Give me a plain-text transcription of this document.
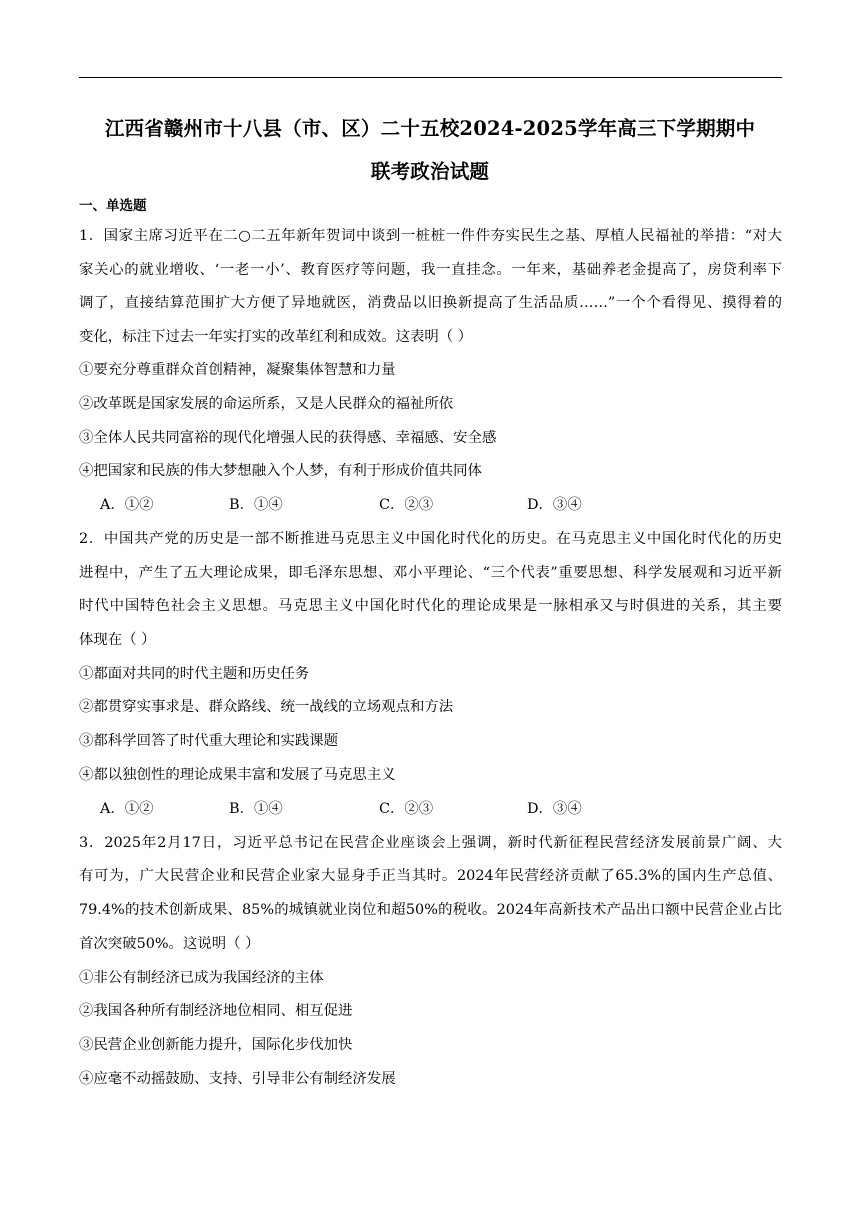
江西省赣州市十八县（市、区）二十五校2024-2025学年高三下学期期中
联考政治试题
一、单选题
1．国家主席习近平在二○二五年新年贺词中谈到一桩桩一件件夯实民生之基、厚植人民福祉的举措：“对大
家关心的就业增收、‘一老一小’、教育医疗等问题，我一直挂念。一年来，基础养老金提高了，房贷利率下
调了，直接结算范围扩大方便了异地就医，消费品以旧换新提高了生活品质……”一个个看得见、摸得着的
变化，标注下过去一年实打实的改革红利和成效。这表明（ ）
①要充分尊重群众首创精神，凝聚集体智慧和力量
②改革既是国家发展的命运所系，又是人民群众的福祉所依
③全体人民共同富裕的现代化增强人民的获得感、幸福感、安全感
④把国家和民族的伟大梦想融入个人梦，有利于形成价值共同体
A．①②	B．①④	C．②③	D．③④
2．中国共产党的历史是一部不断推进马克思主义中国化时代化的历史。在马克思主义中国化时代化的历史
进程中，产生了五大理论成果，即毛泽东思想、邓小平理论、“三个代表”重要思想、科学发展观和习近平新
时代中国特色社会主义思想。马克思主义中国化时代化的理论成果是一脉相承又与时俱进的关系，其主要
体现在（ ）
①都面对共同的时代主题和历史任务
②都贯穿实事求是、群众路线、统一战线的立场观点和方法
③都科学回答了时代重大理论和实践课题
④都以独创性的理论成果丰富和发展了马克思主义
A．①②	B．①④	C．②③	D．③④
3．2025年2月17日，习近平总书记在民营企业座谈会上强调，新时代新征程民营经济发展前景广阔、大
有可为，广大民营企业和民营企业家大显身手正当其时。2024年民营经济贡献了65.3%的国内生产总值、
79.4%的技术创新成果、85%的城镇就业岗位和超50%的税收。2024年高新技术产品出口额中民营企业占比
首次突破50%。这说明（ ）
①非公有制经济已成为我国经济的主体
②我国各种所有制经济地位相同、相互促进
③民营企业创新能力提升，国际化步伐加快
④应毫不动摇鼓励、支持、引导非公有制经济发展
